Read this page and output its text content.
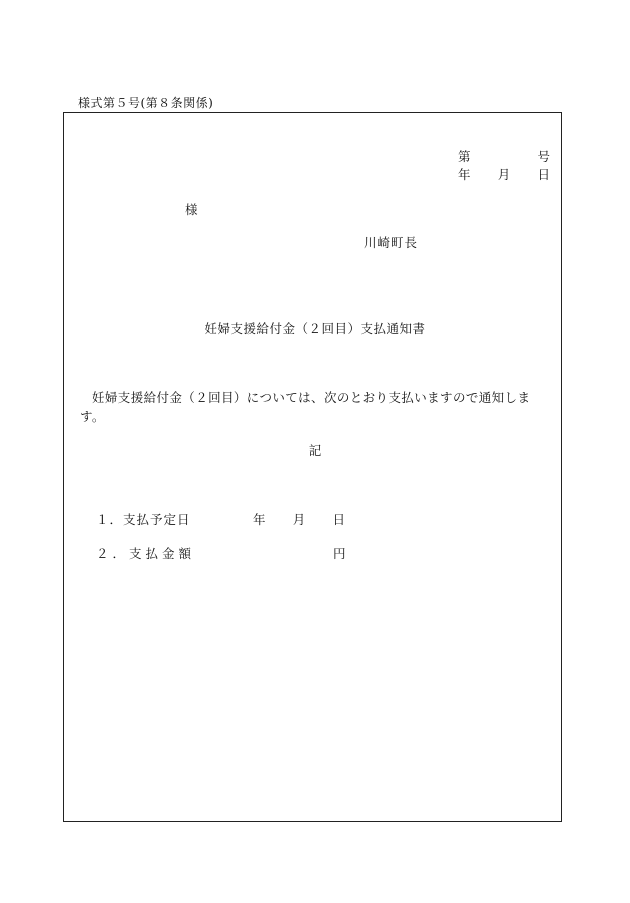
様式第５号(第８条関係)
第	号
年 月 日
様
川崎町長
妊婦支援給付金（２回目）支払通知書
妊婦支援給付金（２回目）については、次のとおり支払いますので通知します。
記
１．支払予定日	年 月 日
２．支払金額	円
